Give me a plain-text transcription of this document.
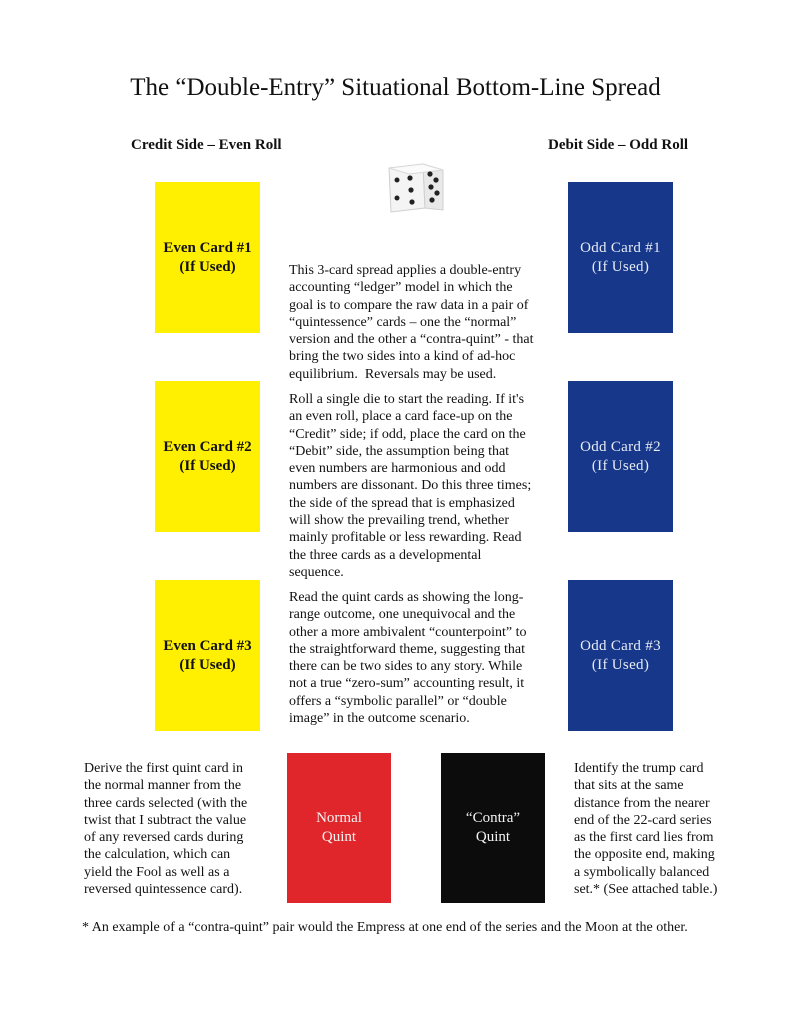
The “Double-Entry” Situational Bottom-Line Spread
Credit Side – Even Roll	Debit Side – Odd Roll
Even Card #1
(If Used)
Even Card #2
(If Used)
Even Card #3
(If Used)
Odd Card #1
(If Used)
Odd Card #2
(If Used)
Odd Card #3
(If Used)
This 3-card spread applies a double-entry
accounting “ledger” model in which the
goal is to compare the raw data in a pair of
“quintessence” cards – one the “normal”
version and the other a “contra-quint” - that
bring the two sides into a kind of ad-hoc
equilibrium.  Reversals may be used.
Roll a single die to start the reading. If it's
an even roll, place a card face-up on the
“Credit” side; if odd, place the card on the
“Debit” side, the assumption being that
even numbers are harmonious and odd
numbers are dissonant. Do this three times;
the side of the spread that is emphasized
will show the prevailing trend, whether
mainly profitable or less rewarding. Read
the three cards as a developmental
sequence.
Read the quint cards as showing the long-
range outcome, one unequivocal and the
other a more ambivalent “counterpoint” to
the straightforward theme, suggesting that
there can be two sides to any story. While
not a true “zero-sum” accounting result, it
offers a “symbolic parallel” or “double
image” in the outcome scenario.
Derive the first quint card in
the normal manner from the
three cards selected (with the
twist that I subtract the value
of any reversed cards during
the calculation, which can
yield the Fool as well as a
reversed quintessence card).
Normal
Quint
“Contra”
Quint
Identify the trump card
that sits at the same
distance from the nearer
end of the 22-card series
as the first card lies from
the opposite end, making
a symbolically balanced
set.* (See attached table.)
* An example of a “contra-quint” pair would the Empress at one end of the series and the Moon at the other.
